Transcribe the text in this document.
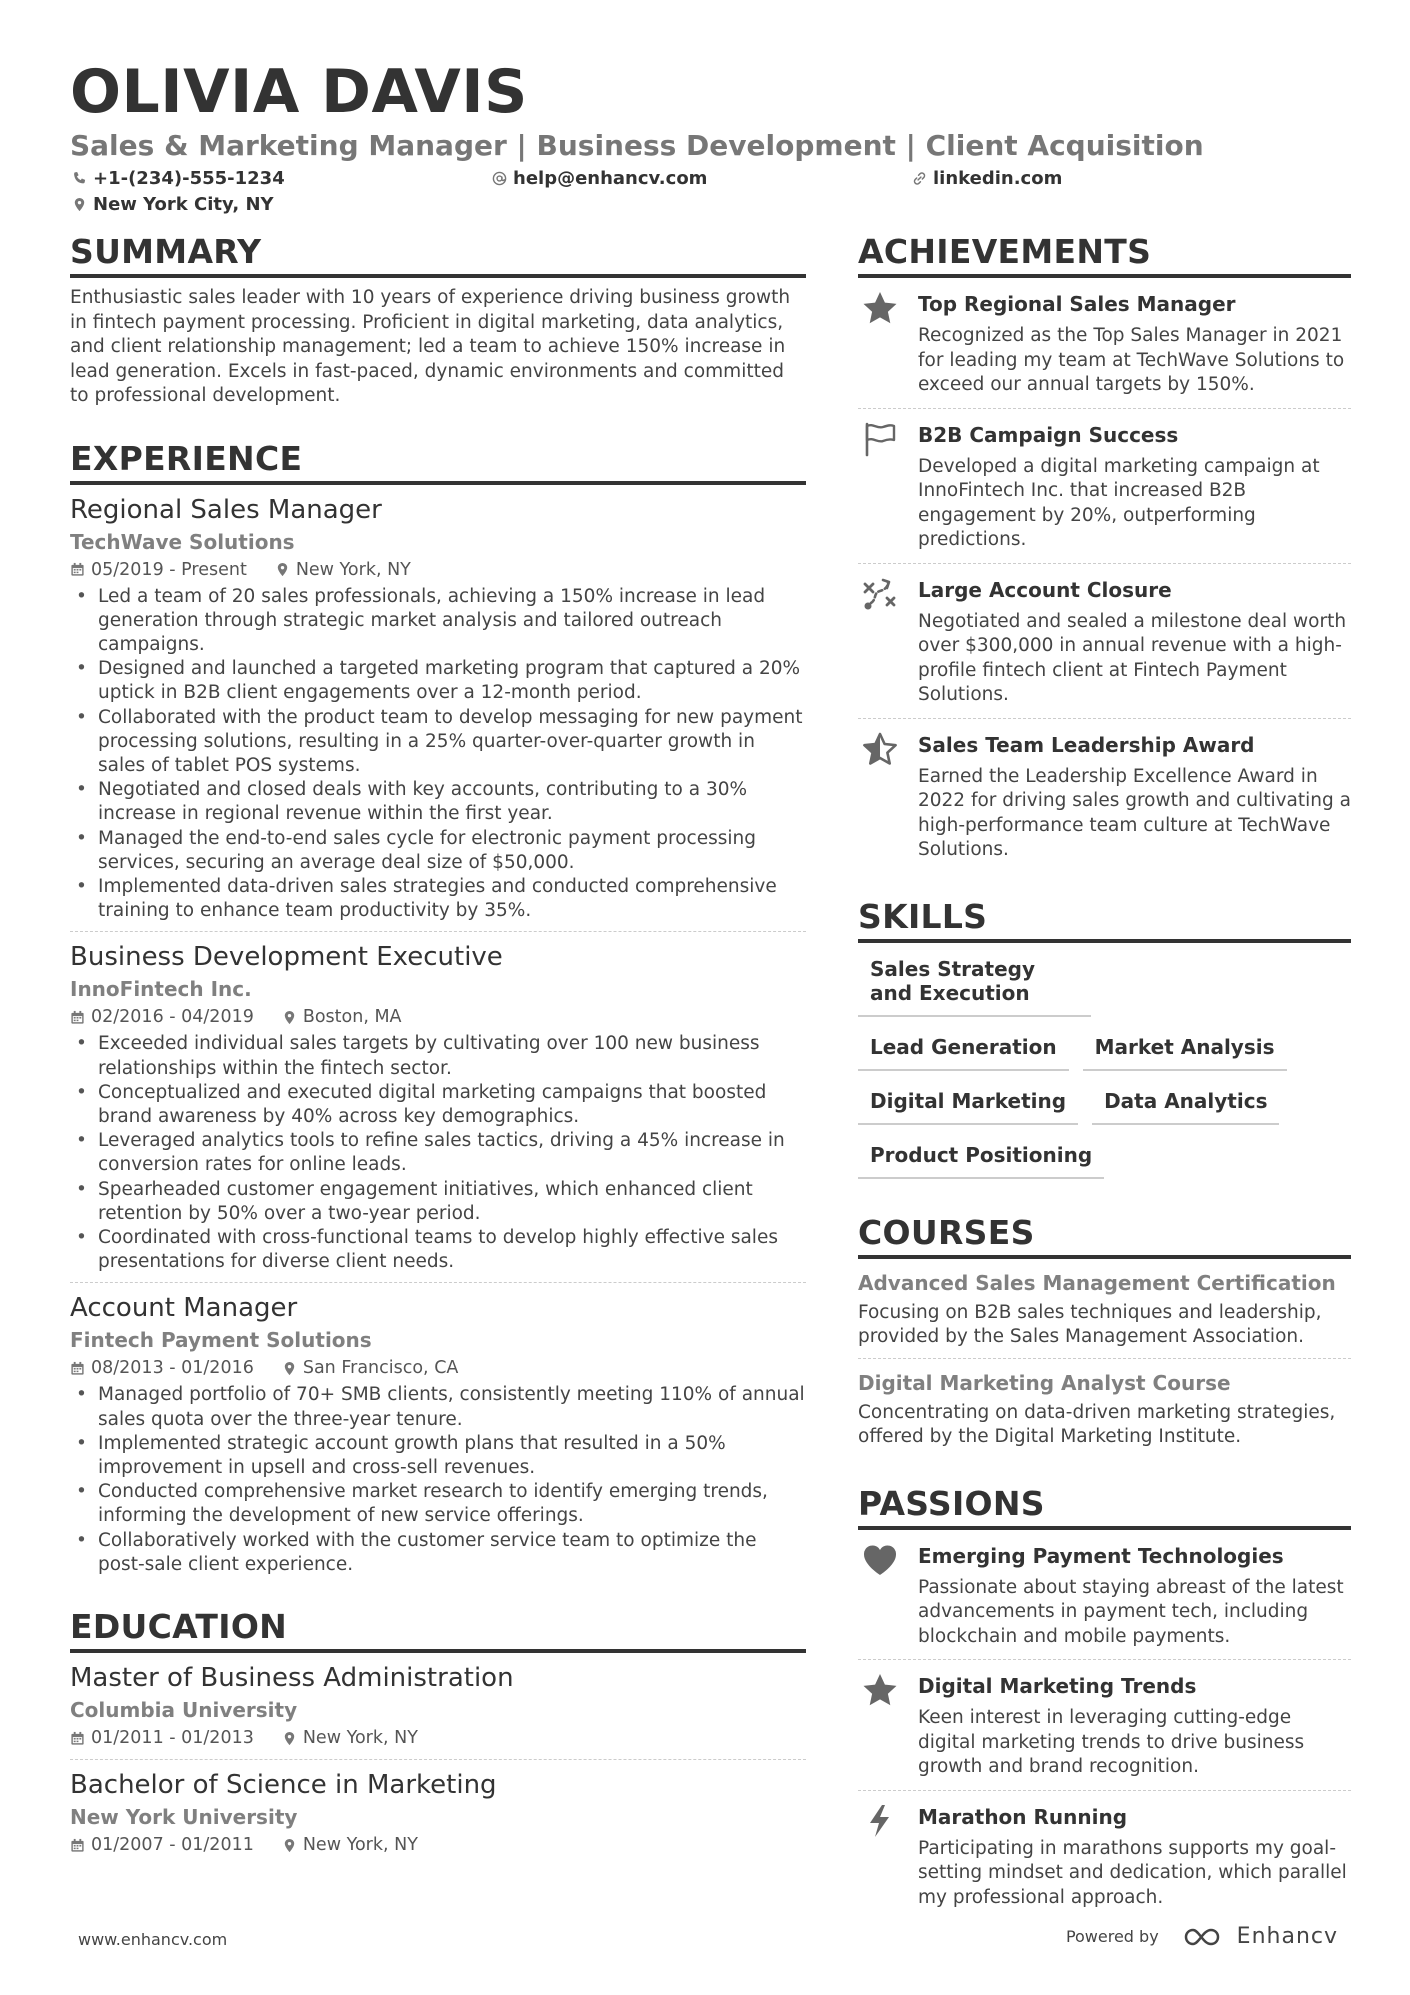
OLIVIA DAVIS
Sales & Marketing Manager | Business Development | Client Acquisition
+1-(234)-555-1234	help@enhancv.com	linkedin.com
New York City, NY
SUMMARY
Enthusiastic sales leader with 10 years of experience driving business growth in fintech payment processing. Proficient in digital marketing, data analytics, and client relationship management; led a team to achieve 150% increase in lead generation. Excels in fast-paced, dynamic environments and committed to professional development.
EXPERIENCE
Regional Sales Manager
TechWave Solutions
05/2019 - Present	New York, NY
• Led a team of 20 sales professionals, achieving a 150% increase in lead generation through strategic market analysis and tailored outreach campaigns.
• Designed and launched a targeted marketing program that captured a 20% uptick in B2B client engagements over a 12-month period.
• Collaborated with the product team to develop messaging for new payment processing solutions, resulting in a 25% quarter-over-quarter growth in sales of tablet POS systems.
• Negotiated and closed deals with key accounts, contributing to a 30% increase in regional revenue within the first year.
• Managed the end-to-end sales cycle for electronic payment processing services, securing an average deal size of $50,000.
• Implemented data-driven sales strategies and conducted comprehensive training to enhance team productivity by 35%.
Business Development Executive
InnoFintech Inc.
02/2016 - 04/2019	Boston, MA
• Exceeded individual sales targets by cultivating over 100 new business relationships within the fintech sector.
• Conceptualized and executed digital marketing campaigns that boosted brand awareness by 40% across key demographics.
• Leveraged analytics tools to refine sales tactics, driving a 45% increase in conversion rates for online leads.
• Spearheaded customer engagement initiatives, which enhanced client retention by 50% over a two-year period.
• Coordinated with cross-functional teams to develop highly effective sales presentations for diverse client needs.
Account Manager
Fintech Payment Solutions
08/2013 - 01/2016	San Francisco, CA
• Managed portfolio of 70+ SMB clients, consistently meeting 110% of annual sales quota over the three-year tenure.
• Implemented strategic account growth plans that resulted in a 50% improvement in upsell and cross-sell revenues.
• Conducted comprehensive market research to identify emerging trends, informing the development of new service offerings.
• Collaboratively worked with the customer service team to optimize the post-sale client experience.
EDUCATION
Master of Business Administration
Columbia University
01/2011 - 01/2013	New York, NY
Bachelor of Science in Marketing
New York University
01/2007 - 01/2011	New York, NY
ACHIEVEMENTS
Top Regional Sales Manager
Recognized as the Top Sales Manager in 2021 for leading my team at TechWave Solutions to exceed our annual targets by 150%.
B2B Campaign Success
Developed a digital marketing campaign at InnoFintech Inc. that increased B2B engagement by 20%, outperforming predictions.
Large Account Closure
Negotiated and sealed a milestone deal worth over $300,000 in annual revenue with a high-profile fintech client at Fintech Payment Solutions.
Sales Team Leadership Award
Earned the Leadership Excellence Award in 2022 for driving sales growth and cultivating a high-performance team culture at TechWave Solutions.
SKILLS
Sales Strategy and Execution
Lead Generation	Market Analysis
Digital Marketing	Data Analytics
Product Positioning
COURSES
Advanced Sales Management Certification
Focusing on B2B sales techniques and leadership, provided by the Sales Management Association.
Digital Marketing Analyst Course
Concentrating on data-driven marketing strategies, offered by the Digital Marketing Institute.
PASSIONS
Emerging Payment Technologies
Passionate about staying abreast of the latest advancements in payment tech, including blockchain and mobile payments.
Digital Marketing Trends
Keen interest in leveraging cutting-edge digital marketing trends to drive business growth and brand recognition.
Marathon Running
Participating in marathons supports my goal-setting mindset and dedication, which parallel my professional approach.
www.enhancv.com	Powered by	Enhancv
